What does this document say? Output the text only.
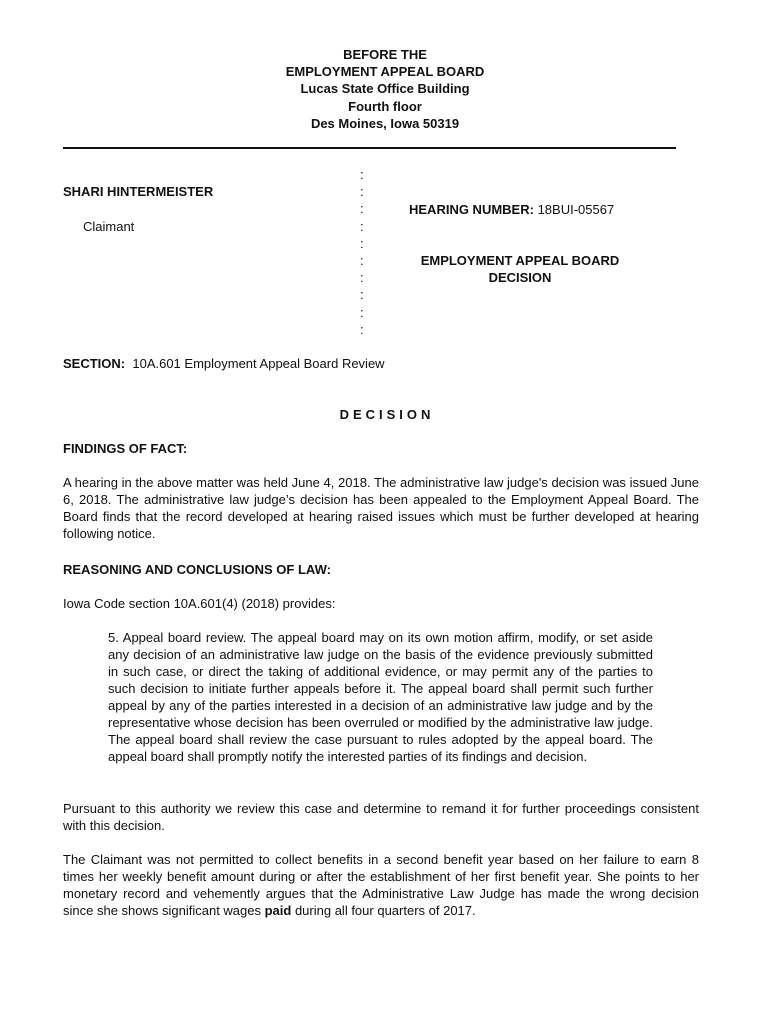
BEFORE THE
EMPLOYMENT APPEAL BOARD
Lucas State Office Building
Fourth floor
Des Moines, Iowa 50319
:
:
:
:
:
:
:
:
:
:
SHARI HINTERMEISTER
Claimant
HEARING NUMBER: 18BUI-05567
EMPLOYMENT APPEAL BOARD
DECISION
SECTION: 10A.601 Employment Appeal Board Review
DECISION
FINDINGS OF FACT:
A hearing in the above matter was held June 4, 2018. The administrative law judge's decision was issued June 6, 2018. The administrative law judge’s decision has been appealed to the Employment Appeal Board. The Board finds that the record developed at hearing raised issues which must be further developed at hearing following notice.
REASONING AND CONCLUSIONS OF LAW:
Iowa Code section 10A.601(4) (2018) provides:
5. Appeal board review. The appeal board may on its own motion affirm, modify, or set aside any decision of an administrative law judge on the basis of the evidence previously submitted in such case, or direct the taking of additional evidence, or may permit any of the parties to such decision to initiate further appeals before it. The appeal board shall permit such further appeal by any of the parties interested in a decision of an administrative law judge and by the representative whose decision has been overruled or modified by the administrative law judge. The appeal board shall review the case pursuant to rules adopted by the appeal board. The appeal board shall promptly notify the interested parties of its findings and decision.
Pursuant to this authority we review this case and determine to remand it for further proceedings consistent with this decision.
The Claimant was not permitted to collect benefits in a second benefit year based on her failure to earn 8 times her weekly benefit amount during or after the establishment of her first benefit year. She points to her monetary record and vehemently argues that the Administrative Law Judge has made the wrong decision since she shows significant wages paid during all four quarters of 2017.
